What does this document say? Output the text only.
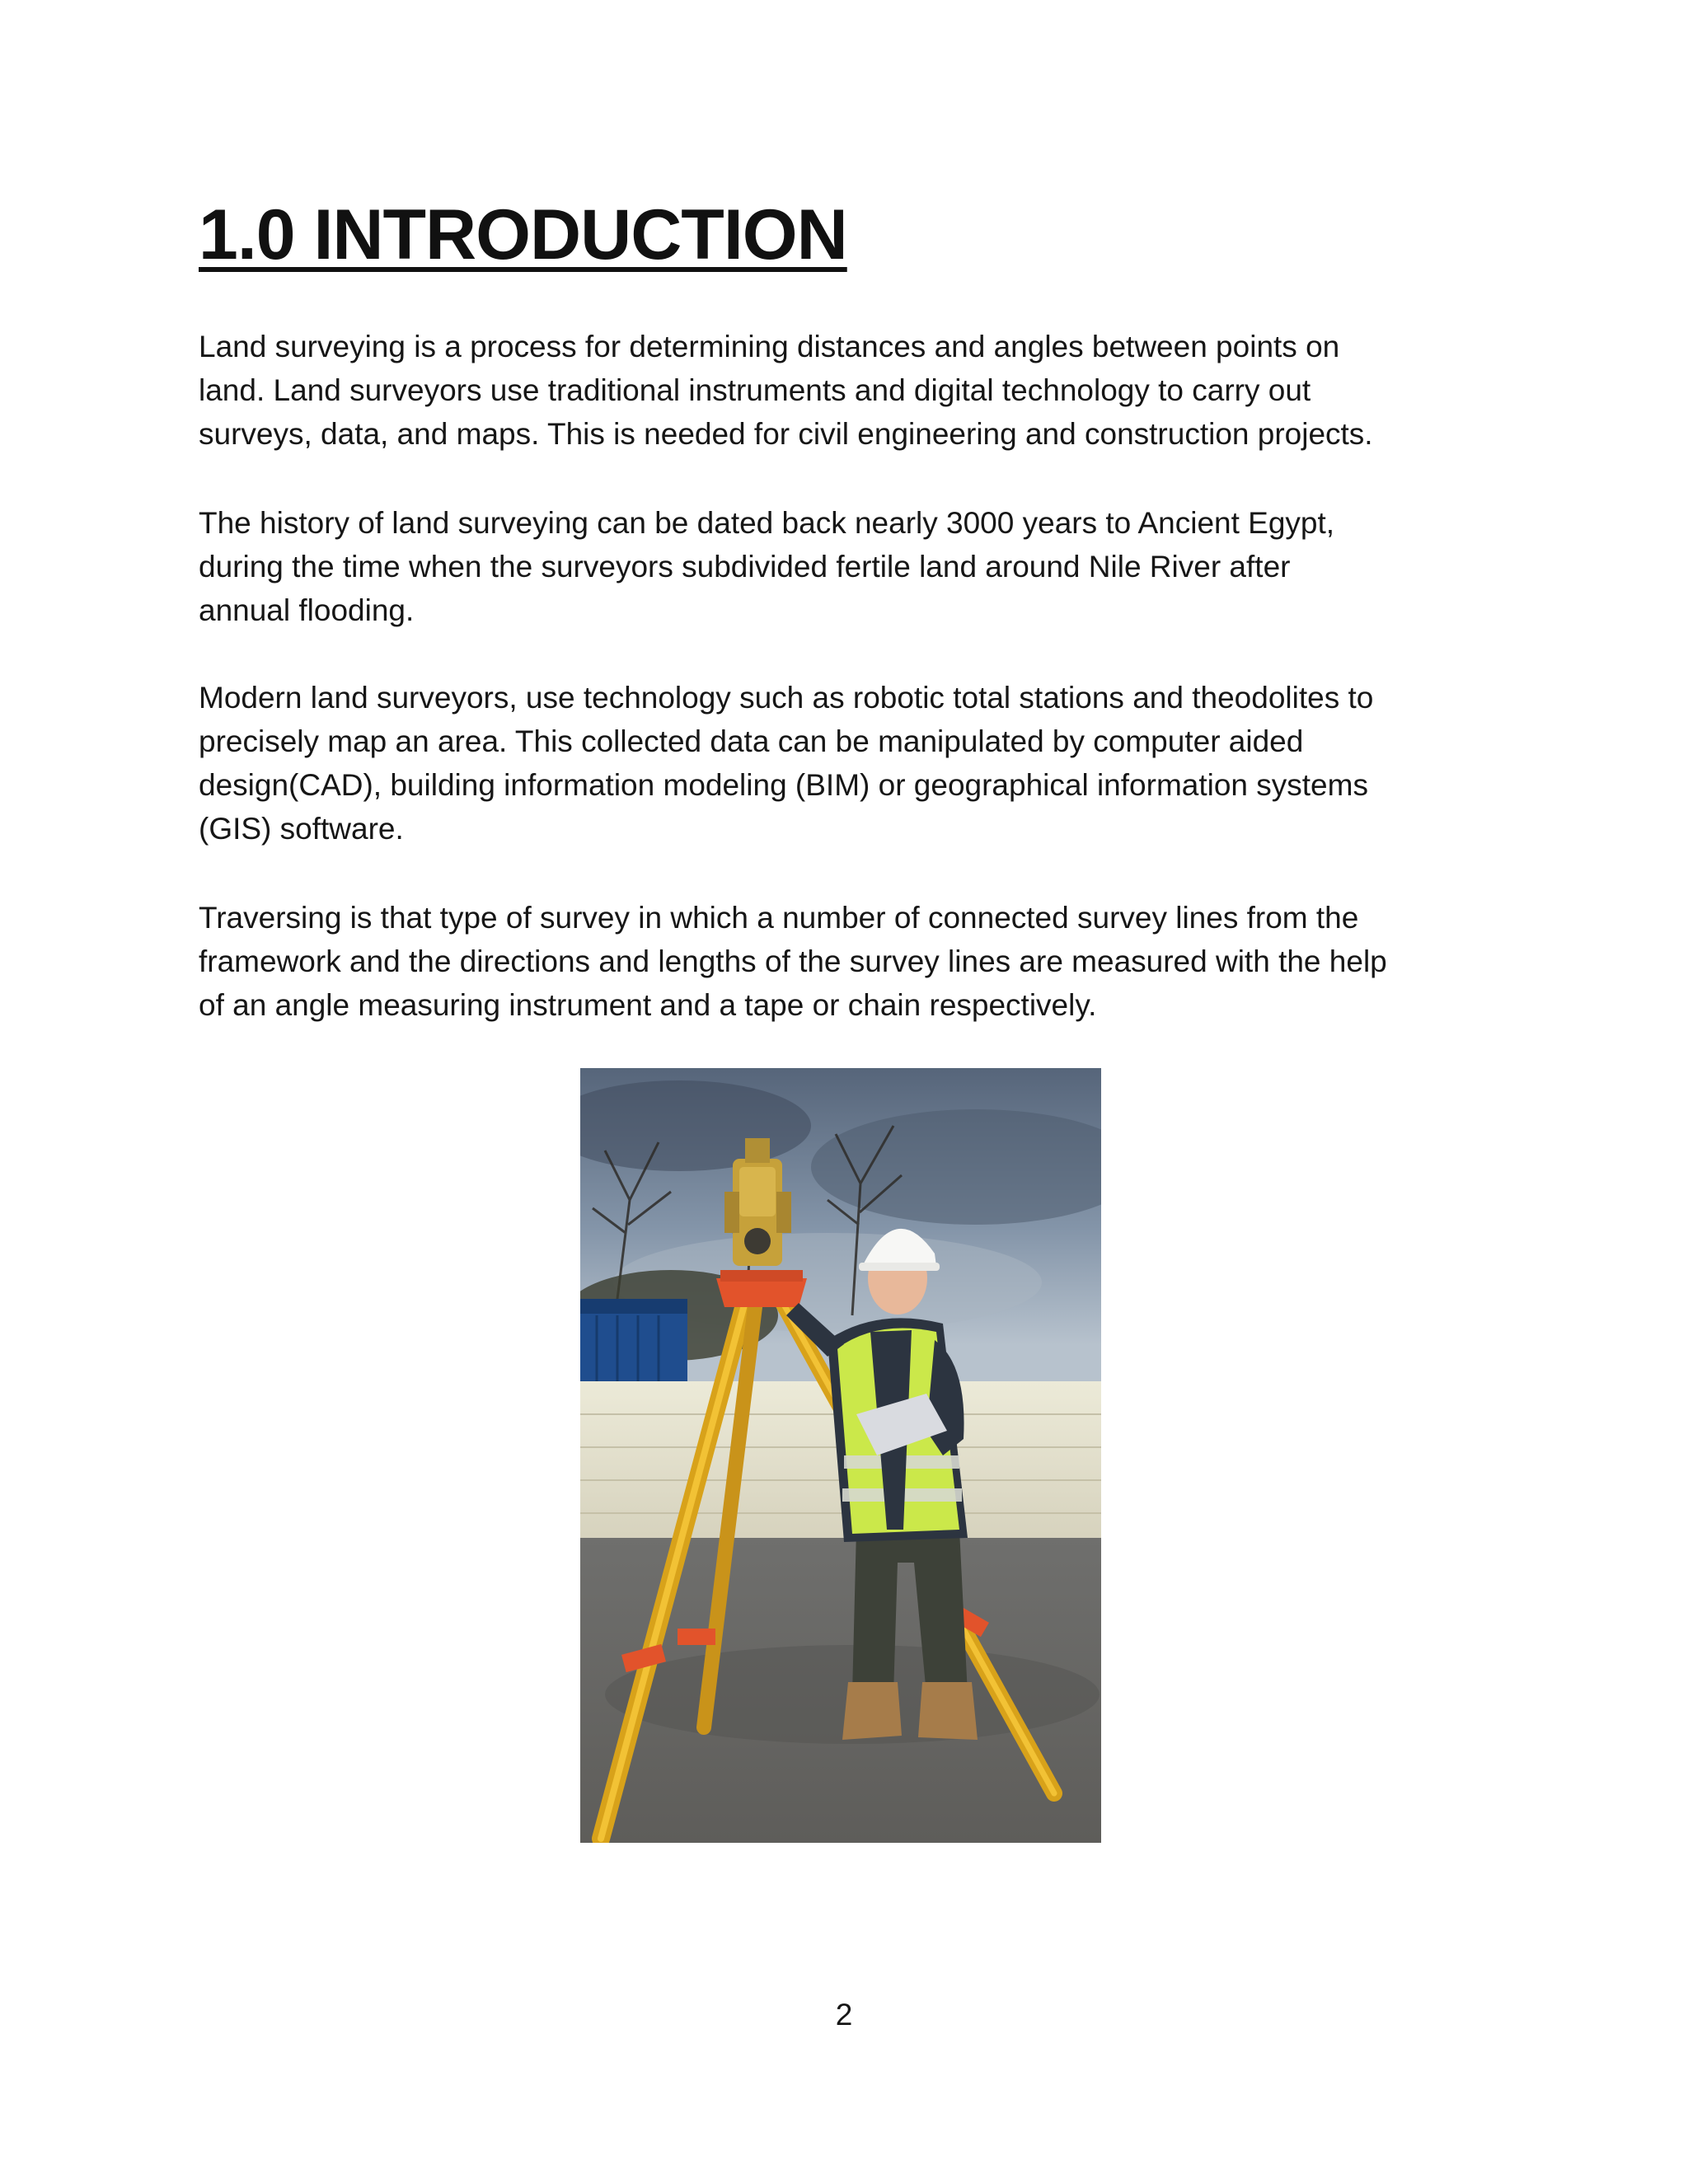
1.0 INTRODUCTION

Land surveying is a process for determining distances and angles between points on
land. Land surveyors use traditional instruments and digital technology to carry out
surveys, data, and maps. This is needed for civil engineering and construction projects.

The history of land surveying can be dated back nearly 3000 years to Ancient Egypt,
during the time when the surveyors subdivided fertile land around Nile River after
annual flooding.

Modern land surveyors, use technology such as robotic total stations and theodolites to
precisely map an area. This collected data can be manipulated by computer aided
design(CAD), building information modeling (BIM) or geographical information systems
(GIS) software.

Traversing is that type of survey in which a number of connected survey lines from the
framework and the directions and lengths of the survey lines are measured with the help
of an angle measuring instrument and a tape or chain respectively.

2
